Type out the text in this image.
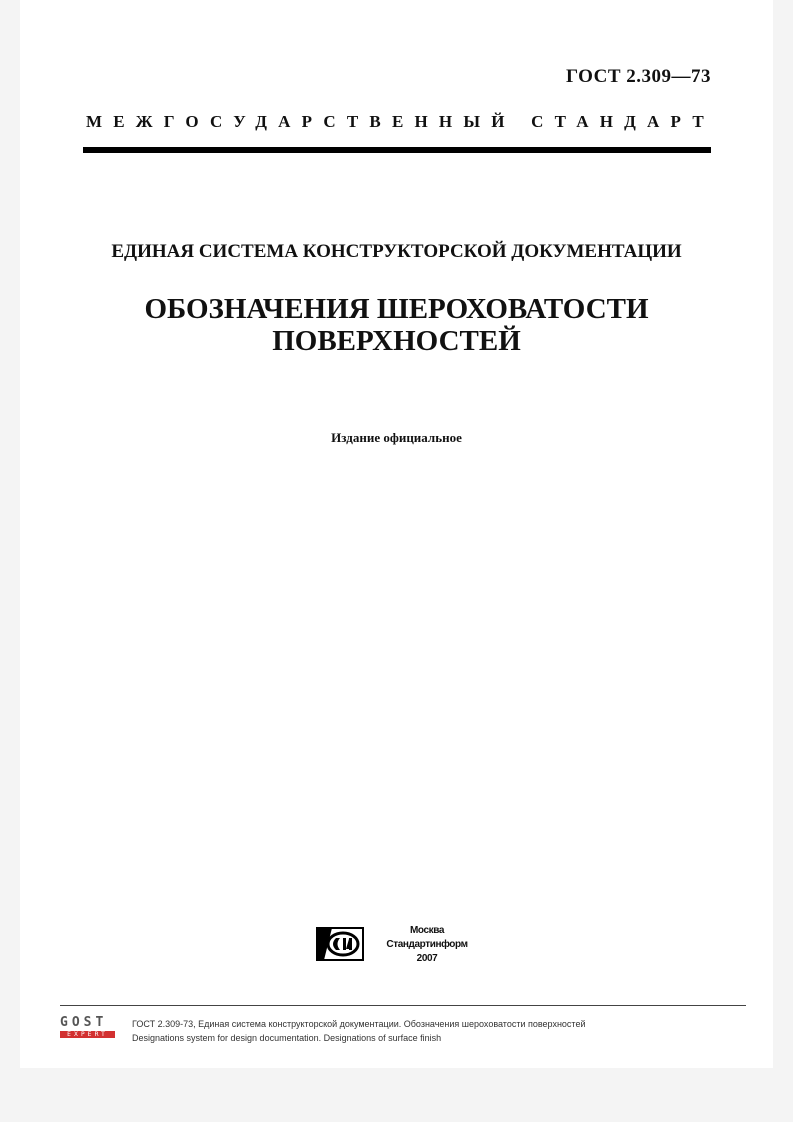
ГОСТ 2.309—73
МЕЖГОСУДАРСТВЕННЫЙ СТАНДАРТ
ЕДИНАЯ СИСТЕМА КОНСТРУКТОРСКОЙ ДОКУМЕНТАЦИИ
ОБОЗНАЧЕНИЯ ШЕРОХОВАТОСТИ
ПОВЕРХНОСТЕЙ
Издание официальное
Москва
Стандартинформ
2007
GOST
EXPERT
ГОСТ 2.309-73, Единая система конструкторской документации. Обозначения шероховатости поверхностей
Designations system for design documentation. Designations of surface finish
